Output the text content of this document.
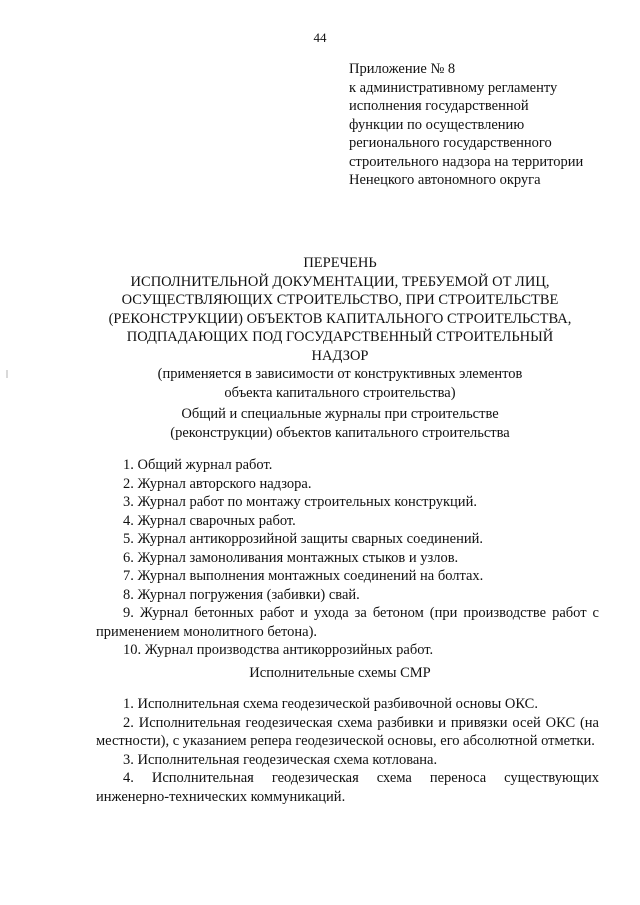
44
Приложение № 8
к административному регламенту
исполнения государственной
функции по осуществлению
регионального государственного
строительного надзора на территории
Ненецкого автономного округа
ПЕРЕЧЕНЬ
ИСПОЛНИТЕЛЬНОЙ ДОКУМЕНТАЦИИ, ТРЕБУЕМОЙ ОТ ЛИЦ,
ОСУЩЕСТВЛЯЮЩИХ СТРОИТЕЛЬСТВО, ПРИ СТРОИТЕЛЬСТВЕ
(РЕКОНСТРУКЦИИ) ОБЪЕКТОВ КАПИТАЛЬНОГО СТРОИТЕЛЬСТВА,
ПОДПАДАЮЩИХ ПОД ГОСУДАРСТВЕННЫЙ СТРОИТЕЛЬНЫЙ
НАДЗОР
(применяется в зависимости от конструктивных элементов
объекта капитального строительства)
Общий и специальные журналы при строительстве
(реконструкции) объектов капитального строительства

1. Общий журнал работ.

2. Журнал авторского надзора.

3. Журнал работ по монтажу строительных конструкций.

4. Журнал сварочных работ.

5. Журнал антикоррозийной защиты сварных соединений.

6. Журнал замоноливания монтажных стыков и узлов.

7. Журнал выполнения монтажных соединений на болтах.

8. Журнал погружения (забивки) свай.

9. Журнал бетонных работ и ухода за бетоном (при производстве работ с применением монолитного бетона).

10. Журнал производства антикоррозийных работ.

Исполнительные схемы СМР

1. Исполнительная схема геодезической разбивочной основы ОКС.

2. Исполнительная геодезическая схема разбивки и привязки осей ОКС (на местности), с указанием репера геодезической основы, его абсолютной отметки.

3. Исполнительная геодезическая схема котлована.

4. Исполнительная геодезическая схема переноса существующих инженерно-технических коммуникаций.
